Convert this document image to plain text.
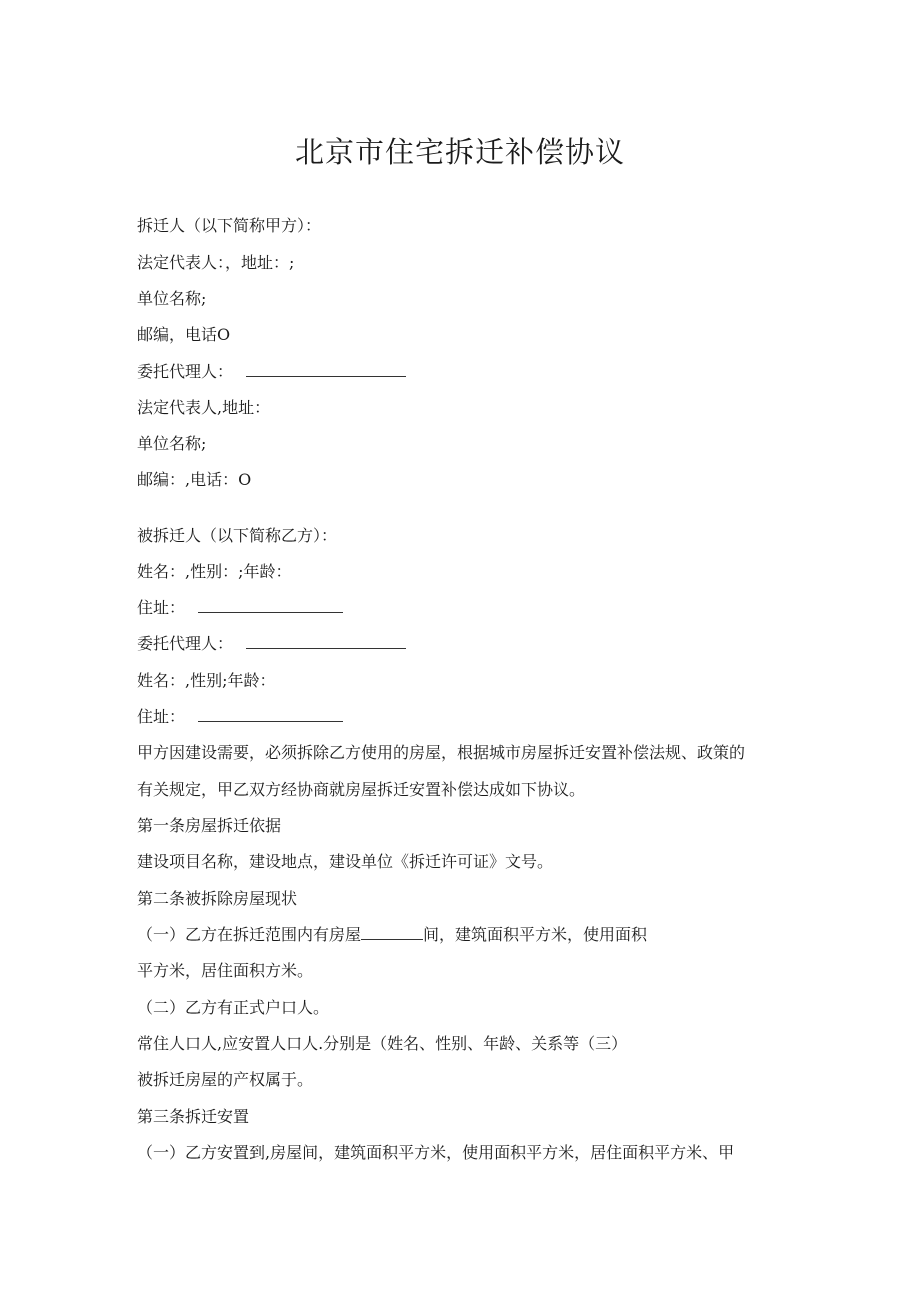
北京市住宅拆迁补偿协议
拆迁人（以下简称甲方）：
法定代表人：，地址：;
单位名称;
邮编，电话O
委托代理人：
法定代表人,地址：
单位名称;
邮编：,电话：O
被拆迁人（以下简称乙方）：
姓名：,性别：;年龄：
住址：
委托代理人：
姓名：,性别;年龄：
住址：
甲方因建设需要，必须拆除乙方使用的房屋，根据城市房屋拆迁安置补偿法规、政策的
有关规定，甲乙双方经协商就房屋拆迁安置补偿达成如下协议。
第一条房屋拆迁依据
建设项目名称，建设地点，建设单位《拆迁许可证》文号。
第二条被拆除房屋现状
（一）乙方在拆迁范围内有房屋	间，建筑面积平方米，使用面积
平方米，居住面积方米。
（二）乙方有正式户口人。
常住人口人,应安置人口人.分别是（姓名、性别、年龄、关系等（三）
被拆迁房屋的产权属于。
第三条拆迁安置
（一）乙方安置到,房屋间，建筑面积平方米，使用面积平方米，居住面积平方米、甲
